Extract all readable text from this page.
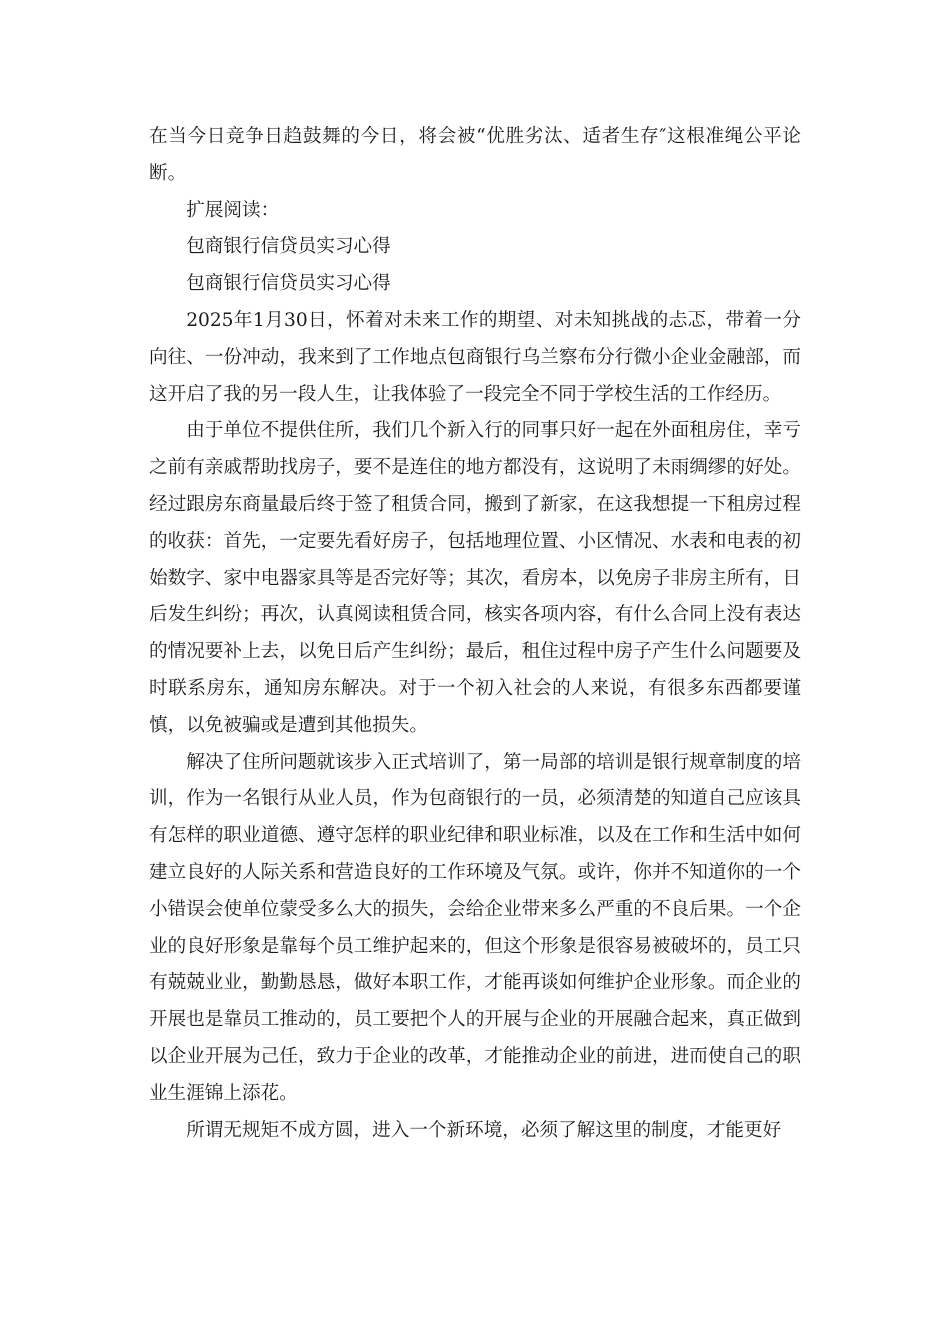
在当今日竞争日趋鼓舞的今日，将会被“优胜劣汰、适者生存″这根准绳公平论断。

扩展阅读：

包商银行信贷员实习心得

包商银行信贷员实习心得

2025年1月30日，怀着对未来工作的期望、对未知挑战的忐忑，带着一分向往、一份冲动，我来到了工作地点包商银行乌兰察布分行微小企业金融部，而这开启了我的另一段人生，让我体验了一段完全不同于学校生活的工作经历。

由于单位不提供住所，我们几个新入行的同事只好一起在外面租房住，幸亏之前有亲戚帮助找房子，要不是连住的地方都没有，这说明了未雨绸缪的好处。经过跟房东商量最后终于签了租赁合同，搬到了新家，在这我想提一下租房过程的收获：首先，一定要先看好房子，包括地理位置、小区情况、水表和电表的初始数字、家中电器家具等是否完好等；其次，看房本，以免房子非房主所有，日后发生纠纷；再次，认真阅读租赁合同，核实各项内容，有什么合同上没有表达的情况要补上去，以免日后产生纠纷；最后，租住过程中房子产生什么问题要及时联系房东，通知房东解决。对于一个初入社会的人来说，有很多东西都要谨慎，以免被骗或是遭到其他损失。

解决了住所问题就该步入正式培训了，第一局部的培训是银行规章制度的培训，作为一名银行从业人员，作为包商银行的一员，必须清楚的知道自己应该具有怎样的职业道德、遵守怎样的职业纪律和职业标准，以及在工作和生活中如何建立良好的人际关系和营造良好的工作环境及气氛。或许，你并不知道你的一个小错误会使单位蒙受多么大的损失，会给企业带来多么严重的不良后果。一个企业的良好形象是靠每个员工维护起来的，但这个形象是很容易被破坏的，员工只有兢兢业业，勤勤恳恳，做好本职工作，才能再谈如何维护企业形象。而企业的开展也是靠员工推动的，员工要把个人的开展与企业的开展融合起来，真正做到以企业开展为己任，致力于企业的改革，才能推动企业的前进，进而使自己的职业生涯锦上添花。

所谓无规矩不成方圆，进入一个新环境，必须了解这里的制度，才能更好
